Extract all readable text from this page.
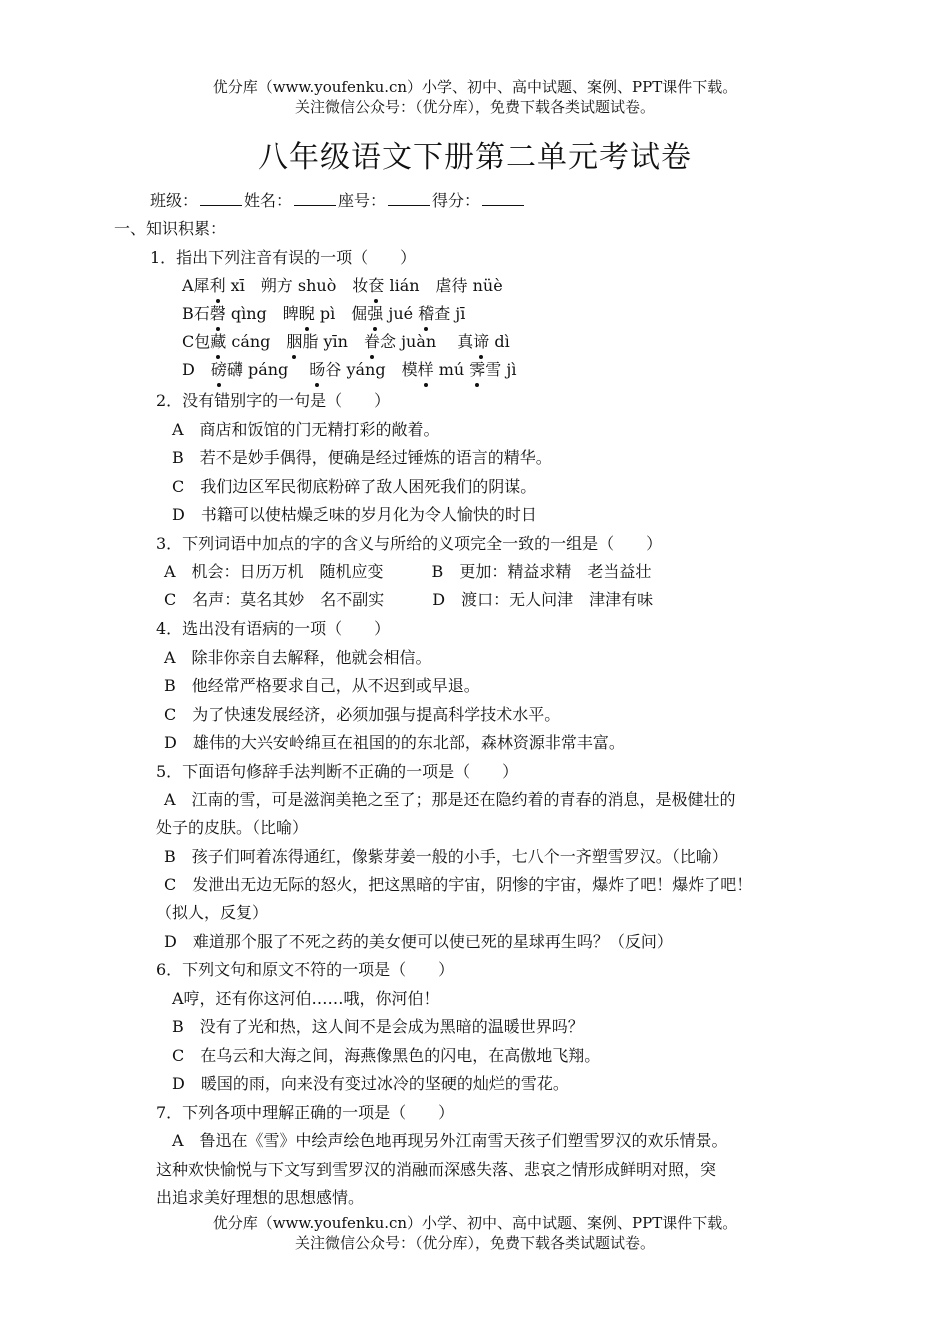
优分库（www.youfenku.cn）小学、初中、高中试题、案例、PPT课件下载。
关注微信公众号：（优分库），免费下载各类试题试卷。
八年级语文下册第二单元考试卷
班级：	姓名：	座号：	得分：
一、知识积累：
1．指出下列注音有误的一项（　　）
A犀利 xī　朔方 shuò　妆奁 lián　虐待 nüè
B石磬 qìng　睥睨 pì　倔强 jué 稽查 jī
C包藏 cáng　胭脂 yīn　眷念 juàn　 真谛 dì
D　磅礴 páng　 旸谷 yáng　模样 mú 霁雪 jì
2．没有错别字的一句是（　　）
A　商店和饭馆的门无精打彩的敞着。
B　若不是妙手偶得，便确是经过锤炼的语言的精华。
C　我们边区军民彻底粉碎了敌人困死我们的阴谋。
D　书籍可以使枯燥乏味的岁月化为令人愉快的时日
3．下列词语中加点的字的含义与所给的义项完全一致的一组是（　　）
A　机会：日历万机　随机应变　　　B　更加：精益求精　老当益壮
C　名声：莫名其妙　名不副实　　　D　渡口：无人问津　津津有味
4．选出没有语病的一项（　　）
A　除非你亲自去解释，他就会相信。
B　他经常严格要求自己，从不迟到或早退。
C　为了快速发展经济，必须加强与提高科学技术水平。
D　雄伟的大兴安岭绵亘在祖国的的东北部，森林资源非常丰富。
5．下面语句修辞手法判断不正确的一项是（　　）
A　江南的雪，可是滋润美艳之至了；那是还在隐约着的青春的消息，是极健壮的
处子的皮肤。（比喻）
B　孩子们呵着冻得通红，像紫芽姜一般的小手，七八个一齐塑雪罗汉。（比喻）
C　发泄出无边无际的怒火，把这黑暗的宇宙，阴惨的宇宙，爆炸了吧！爆炸了吧！
（拟人，反复）
D　难道那个服了不死之药的美女便可以使已死的星球再生吗？（反问）
6．下列文句和原文不符的一项是（　　）
A哼，还有你这河伯……哦，你河伯！
B　没有了光和热，这人间不是会成为黑暗的温暖世界吗？
C　在乌云和大海之间，海燕像黑色的闪电，在高傲地飞翔。
D　暖国的雨，向来没有变过冰冷的坚硬的灿烂的雪花。
7．下列各项中理解正确的一项是（　　）
A　鲁迅在《雪》中绘声绘色地再现另外江南雪天孩子们塑雪罗汉的欢乐情景。
这种欢快愉悦与下文写到雪罗汉的消融而深感失落、悲哀之情形成鲜明对照，突
出追求美好理想的思想感情。
优分库（www.youfenku.cn）小学、初中、高中试题、案例、PPT课件下载。
关注微信公众号：（优分库），免费下载各类试题试卷。
